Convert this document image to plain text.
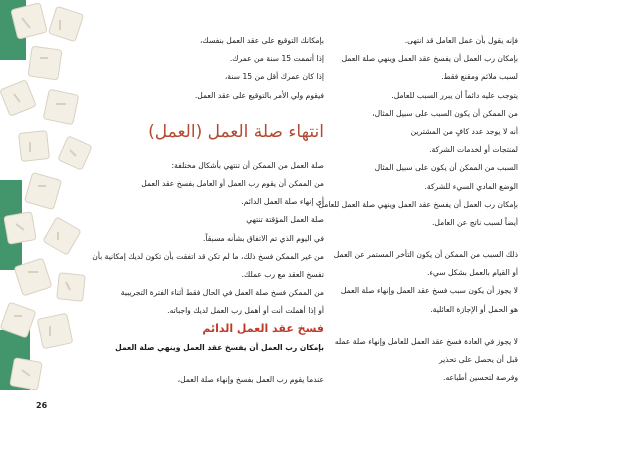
بإمكانك التوقيع على عقد العمل بنفسك،

إذا أتممت 15 سنة من عمرك.

إذا كان عمرك أقل من 15 سنة،

فيقوم ولي الأمر بالتوقيع على عقد العمل.

انتهاء صلة العمل (العمل)

صلة العمل من الممكن أن تنتهي بأشكال مختلفة:

من الممكن أن يقوم رب العمل أو العامل بفسخ عقد العمل

أي إنهاء صلة العمل الدائم.

صلة العمل المؤقتة تنتهي

في اليوم الذي تم الاتفاق بشأنه مسبقاً.

من غير الممكن فسخ ذلك، ما لم تكن قد اتفقت بأن تكون لديك إمكانية بأن

تفسخ العقد مع رب عملك.

من الممكن فسخ صلة العمل في الحال فقط أثناء الفترة التجريبية

أو إذا أهملت أنت أو أهمل رب العمل لديك واجباته.

فسخ عقد العمل الدائم

بإمكان رب العمل أن يفسخ عقد العمل وينهي صلة العمل

عندما يقوم رب العمل بفسخ وإنهاء صلة العمل،

فإنه يقول بأن عمل العامل قد انتهى.

بإمكان رب العمل أن يفسخ عقد العمل وينهي صلة العمل

لسبب ملائم ومقنع فقط.

يتوجب عليه دائماً أن يبرر السبب للعامل.

من الممكن أن يكون السبب على سبيل المثال،

أنه لا يوجد عدد كافٍ من المشترين

لمنتجات أو لخدمات الشركة.

السبب من الممكن أن يكون على سبيل المثال

الوضع المادي السيء للشركة.

بإمكان رب العمل أن يفسخ عقد العمل وينهي صلة العمل للعامل

أيضاً لسبب ناتج عن العامل.

ذلك السبب من الممكن أن يكون التأخر المستمر عن العمل

أو القيام بالعمل بشكل سيء.

لا يجوز أن يكون سبب فسخ عقد العمل وإنهاء صلة العمل

هو الحمل أو الإجازة العائلية.

لا يجوز في العادة فسخ عقد العمل للعامل وإنهاء صلة عمله

قبل أن يحصل على تحذير

وفرصة لتحسين أطباعه.

26
